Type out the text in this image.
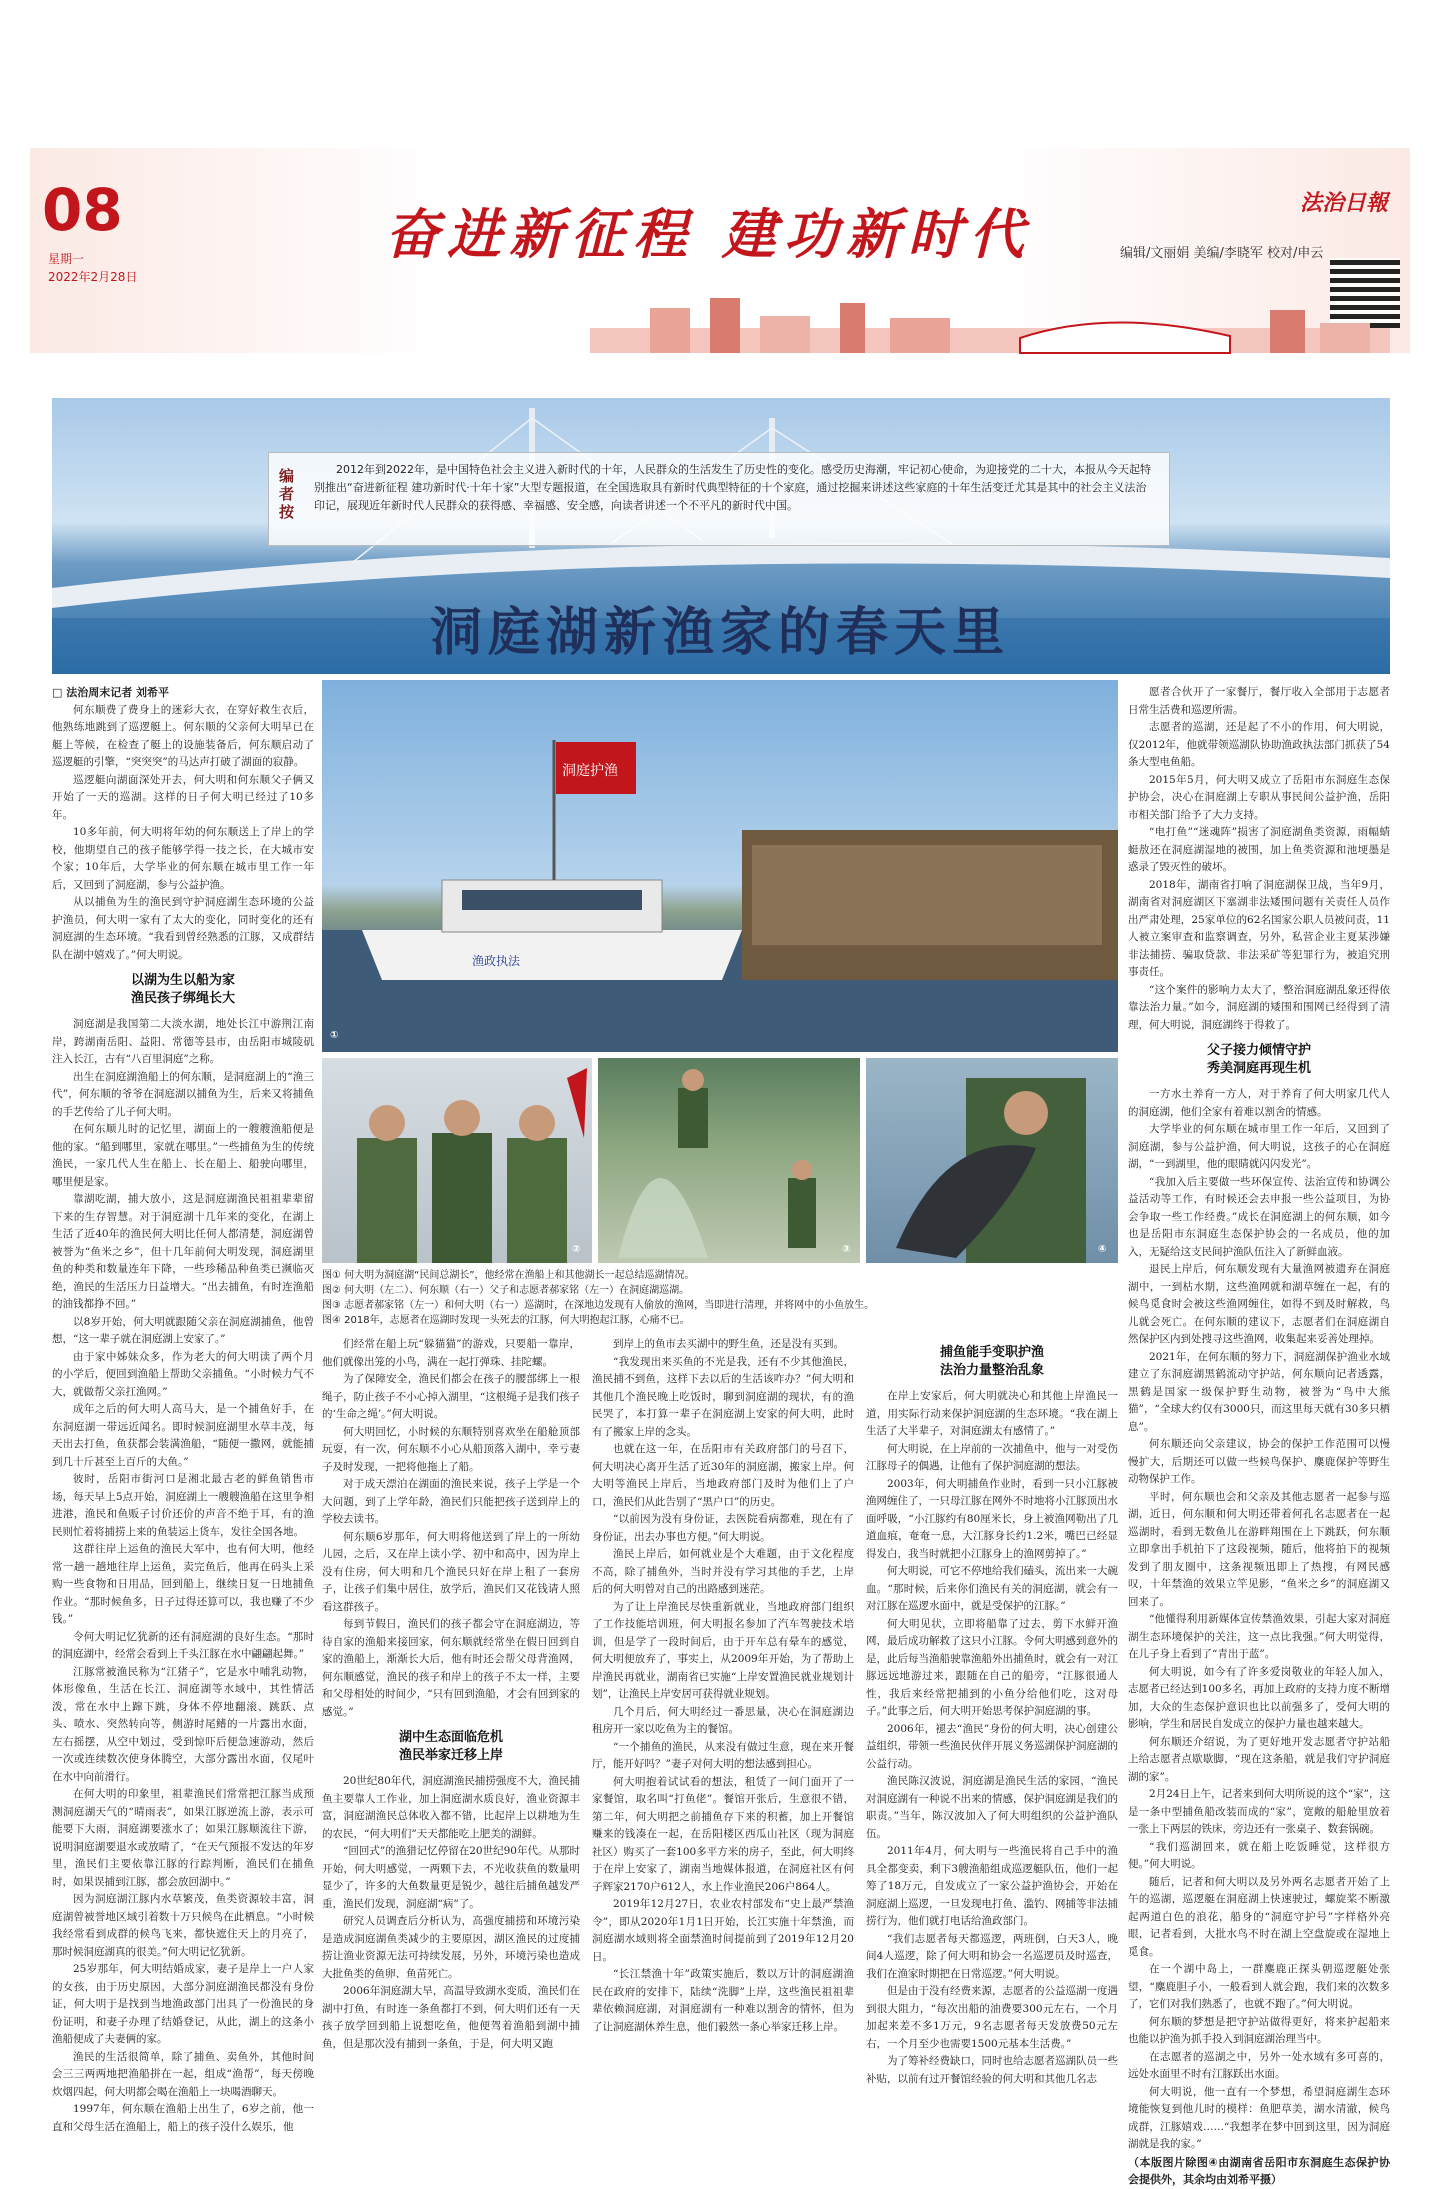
08
星期一
2022年2月28日
奋进新征程 建功新时代	法治日報
编辑/文丽娟 美编/李晓军 校对/申云
编者按
2012年到2022年，是中国特色社会主义进入新时代的十年，人民群众的生活发生了历史性的变化。感受历史海潮，牢记初心使命，为迎接党的二十大，本报从今天起特别推出“奋进新征程 建功新时代·十年十家”大型专题报道，在全国选取具有新时代典型特征的十个家庭，通过挖掘来讲述这些家庭的十年生活变迁尤其是其中的社会主义法治印记，展现近年新时代人民群众的获得感、幸福感、安全感，向读者讲述一个不平凡的新时代中国。
洞庭湖新渔家的春天里

□ 法治周末记者 刘希平

何东顺费了费身上的迷彩大衣，在穿好救生衣后，他熟练地跳到了巡逻艇上。何东顺的父亲何大明早已在艇上等候，在检查了艇上的设施装备后，何东顺启动了巡逻艇的引擎，“突突突”的马达声打破了湖面的寂静。

巡逻艇向湖面深处开去，何大明和何东顺父子俩又开始了一天的巡湖。这样的日子何大明已经过了10多年。

10多年前，何大明将年幼的何东顺送上了岸上的学校，他期望自己的孩子能够学得一技之长，在大城市安个家；10年后，大学毕业的何东顺在城市里工作一年后，又回到了洞庭湖，参与公益护渔。

从以捕鱼为生的渔民到守护洞庭湖生态环境的公益护渔员，何大明一家有了太大的变化，同时变化的还有洞庭湖的生态环境。“我看到曾经熟悉的江豚，又成群结队在湖中嬉戏了。”何大明说。

以湖为生以船为家
渔民孩子绑绳长大

洞庭湖是我国第二大淡水湖，地处长江中游荆江南岸，跨湖南岳阳、益阳、常德等县市，由岳阳市城陵矶注入长江，古有“八百里洞庭”之称。

出生在洞庭湖渔船上的何东顺，是洞庭湖上的“渔三代”，何东顺的爷爷在洞庭湖以捕鱼为生，后来又将捕鱼的手艺传给了儿子何大明。

在何东顺儿时的记忆里，湖面上的一艘艘渔船便是他的家。“船到哪里，家就在哪里。”一些捕鱼为生的传统渔民，一家几代人生在船上、长在船上、船驶向哪里，哪里便是家。

靠湖吃湖，捕大放小，这是洞庭湖渔民祖祖辈辈留下来的生存智慧。对于洞庭湖十几年来的变化，在湖上生活了近40年的渔民何大明比任何人都清楚，洞庭湖曾被誉为“鱼米之乡”，但十几年前何大明发现，洞庭湖里鱼的种类和数量连年下降，一些珍稀品种鱼类已濒临灭绝，渔民的生活压力日益增大。“出去捕鱼，有时连渔船的油钱都挣不回。”

以8岁开始，何大明就跟随父亲在洞庭湖捕鱼，他曾想，“这一辈子就在洞庭湖上安家了。”

由于家中姊妹众多，作为老大的何大明读了两个月的小学后，便回到渔船上帮助父亲捕鱼。“小时候力气不大，就做帮父亲扛渔网。”

成年之后的何大明人高马大，是一个捕鱼好手，在东洞庭湖一带远近闻名。即时候洞庭湖里水草丰茂，每天出去打鱼，鱼获都会装满渔船，“随便一撒网，就能捕到几十斤甚至上百斤的大鱼。”

彼时，岳阳市街河口是湘北最古老的鲜鱼销售市场，每天早上5点开始，洞庭湖上一艘艘渔船在这里争相进港，渔民和鱼贩子讨价还价的声音不绝于耳，有的渔民则忙着将捕捞上来的鱼装运上货车，发往全国各地。

这群往岸上运鱼的渔民大军中，也有何大明，他经常一趟一趟地往岸上运鱼，卖完鱼后，他再在码头上采购一些食物和日用品，回到船上，继续日复一日地捕鱼作业。“那时候鱼多，日子过得还算可以，我也赚了不少钱。”

令何大明记忆犹新的还有洞庭湖的良好生态。“那时的洞庭湖中，经常会看到上千头江豚在水中翩翩起舞。”

江豚常被渔民称为“江猪子”，它是水中哺乳动物，体形像鱼，生活在长江、洞庭湖等水域中，其性情活泼，常在水中上蹿下跳，身体不停地翻滚、跳跃、点头、喷水、突然转向等，侧游时尾鳍的一片露出水面，左右摇摆，从空中划过，受到惊吓后便急速游动，然后一次或连续数次使身体腾空，大部分露出水面，仅尾叶在水中向前滑行。

在何大明的印象里，祖辈渔民们常常把江豚当成预测洞庭湖天气的“晴雨表”，如果江豚逆流上游，表示可能要下大雨，洞庭湖要涨水了；如果江豚顺流往下游，说明洞庭湖要退水或放晴了，“在天气预报不发达的年岁里，渔民们主要依靠江豚的行踪判断，渔民们在捕鱼时，如果误捕到江豚，都会放回湖中。”

因为洞庭湖江豚内水草繁茂，鱼类资源较丰富，洞庭湖曾被誉地区域引着数十万只候鸟在此栖息。“小时候我经常看到成群的候鸟飞来，都快遮住天上的月亮了，那时候洞庭湖真的很美。”何大明记忆犹新。

25岁那年，何大明结婚成家，妻子是岸上一户人家的女孩，由于历史原因，大部分洞庭湖渔民都没有身份证，何大明于是找到当地渔政部门出具了一份渔民的身份证明，和妻子办理了结婚登记，从此，湖上的这条小渔船便成了夫妻俩的家。

渔民的生活很简单，除了捕鱼、卖鱼外，其他时间会三三两两地把渔船拼在一起，组成“渔帮”，每天傍晚炊烟四起，何大明都会喝在渔船上一块喝酒聊天。

1997年，何东顺在渔船上出生了，6岁之前，他一直和父母生活在渔船上，船上的孩子没什么娱乐，他

洞庭护渔
渔政执法
①
②	③	④
图① 何大明为洞庭湖“民间总湖长”，他经常在渔船上和其他湖长一起总结巡湖情况。
图② 何大明（左二）、何东顺（右一）父子和志愿者郝家铭（左一）在洞庭湖巡湖。
图③ 志愿者郝家铭（左一）和何大明（右一）巡湖时，在深地边发现有人偷放的渔网，当即进行清理，并将网中的小鱼放生。
图④ 2018年，志愿者在巡湖时发现一头死去的江豚，何大明抱起江豚，心痛不已。

们经常在船上玩“躲猫猫”的游戏，只要船一靠岸，他们就像出笼的小鸟，满在一起打弹珠、挂陀螺。

为了保障安全，渔民们都会在孩子的腰部绑上一根绳子，防止孩子不小心掉入湖里，“这根绳子是我们孩子的‘生命之绳’。”何大明说。

何大明回忆，小时候的东顺特别喜欢坐在船舱顶部玩耍，有一次，何东顺不小心从船顶落入湖中，幸亏妻子及时发现，一把将他拖上了船。

对于成天漂泊在湖面的渔民来说，孩子上学是一个大问题，到了上学年龄，渔民们只能把孩子送到岸上的学校去读书。

何东顺6岁那年，何大明将他送到了岸上的一所幼儿园，之后，又在岸上读小学、初中和高中，因为岸上没有住房，何大明和几个渔民只好在岸上租了一套房子，让孩子们集中居住，放学后，渔民们又花钱请人照看这群孩子。

每到节假日，渔民们的孩子都会守在洞庭湖边，等待自家的渔船来接回家，何东顺就经常坐在假日回到自家的渔船上，渐渐长大后，他有时还会帮父母背渔网，何东顺感觉，渔民的孩子和岸上的孩子不太一样，主要和父母相处的时间少，“只有回到渔船，才会有回到家的感觉。”

湖中生态面临危机
渔民举家迁移上岸

20世纪80年代，洞庭湖渔民捕捞强度不大，渔民捕鱼主要靠人工作业，加上洞庭湖水质良好，渔业资源丰富，洞庭湖渔民总体收入都不错，比起岸上以耕地为生的农民，“何大明们”天天都能吃上肥美的湖鲜。

“回回式”的渔猎记忆停留在20世纪90年代。从那时开始，何大明感觉，一两颗下去，不光收获鱼的数量明显少了，许多的大鱼数量更是锐少，越往后捕鱼越发严重，渔民们发现，洞庭湖“病”了。

研究人员调查后分析认为，高强度捕捞和环境污染是造成洞庭湖鱼类减少的主要原因，湖区渔民的过度捕捞让渔业资源无法可持续发展，另外，环境污染也造成大批鱼类的鱼卵、鱼苗死亡。

2006年洞庭湖大旱，高温导致湖水变质，渔民们在湖中打鱼，有时连一条鱼都打不到，何大明们还有一天孩子放学回到船上说想吃鱼，他便驾着渔船到湖中捕鱼，但是那次没有捕到一条鱼，于是，何大明又跑

到岸上的鱼市去买湖中的野生鱼，还是没有买到。

“我发现出来买鱼的不光是我，还有不少其他渔民，渔民捕不到鱼，这样下去以后的生活该咋办？”何大明和其他几个渔民晚上吃饭时，聊到洞庭湖的现状，有的渔民哭了，本打算一辈子在洞庭湖上安家的何大明，此时有了搬家上岸的念头。

也就在这一年，在岳阳市有关政府部门的号召下，何大明决心离开生活了近30年的洞庭湖，搬家上岸。何大明等渔民上岸后，当地政府部门及时为他们上了户口，渔民们从此告别了“黑户口”的历史。

“以前因为没有身份证，去医院看病都难，现在有了身份证，出去办事也方便。”何大明说。

渔民上岸后，如何就业是个大难题，由于文化程度不高，除了捕鱼外，当时并没有学习其他的手艺，上岸后的何大明曾对自己的出路感到迷茫。

为了让上岸渔民尽快重新就业，当地政府部门组织了工作技能培训班，何大明报名参加了汽车驾驶技术培训，但是学了一段时间后，由于开车总有晕车的感觉，何大明便放弃了，事实上，从2009年开始，为了帮助上岸渔民再就业，湖南省已实施“上岸安置渔民就业规划计划”，让渔民上岸安居可获得就业规划。

几个月后，何大明经过一番思量，决心在洞庭湖边租房开一家以吃鱼为主的餐馆。

“一个捕鱼的渔民，从来没有做过生意，现在来开餐厅，能开好吗？”妻子对何大明的想法感到担心。

何大明抱着试试看的想法，租赁了一间门面开了一家餐馆，取名叫“打鱼佬”。餐馆开张后，生意很不错，第二年，何大明把之前捕鱼存下来的积蓄，加上开餐馆赚来的钱凑在一起，在岳阳楼区西瓜山社区（现为洞庭社区）购买了一套100多平方米的房子，至此，何大明终于在岸上安家了，湖南当地媒体报道，在洞庭社区有何子辉家2170户612人，水上作业渔民206户864人。

2019年12月27日，农业农村部发布“史上最严禁渔令”，即从2020年1月1日开始，长江实施十年禁渔，而洞庭湖水域则将全面禁渔时间提前到了2019年12月20日。

“长江禁渔十年”政策实施后，数以万计的洞庭湖渔民在政府的安排下，陆续“洗脚”上岸，这些渔民祖祖辈辈依赖洞庭湖，对洞庭湖有一种难以割舍的情怀，但为了让洞庭湖休养生息，他们毅然一条心举家迁移上岸。

捕鱼能手变职护渔
法治力量整治乱象

在岸上安家后，何大明就决心和其他上岸渔民一道，用实际行动来保护洞庭湖的生态环境。“我在湖上生活了大半辈子，对洞庭湖太有感情了。”

何大明说，在上岸前的一次捕鱼中，他与一对受伤江豚母子的偶遇，让他有了保护洞庭湖的想法。

2003年，何大明捕鱼作业时，看到一只小江豚被渔网缠住了，一只母江豚在网外不时地将小江豚顶出水面呼吸，“小江豚约有80厘米长，身上被渔网勒出了几道血痕，奄奄一息，大江豚身长约1.2米，嘴巴已经显得发白，我当时就把小江豚身上的渔网剪掉了。”

何大明说，可它不停地给我们磕头，流出来一大碗血。“那时候，后来你们渔民有关的洞庭湖，就会有一对江豚在巡逻水面中，就是受保护的江豚。”

何大明见状，立即将船靠了过去，剪下水鲜开渔网，最后成功解救了这只小江豚。令何大明感到意外的是，此后每当渔船驶靠渔船外出捕鱼时，就会有一对江豚远远地游过来，跟随在自己的船旁，“江豚很通人性，我后来经常把捕到的小鱼分给他们吃，这对母子。”此事之后，何大明开始思考保护洞庭湖的事。

2006年，褪去“渔民”身份的何大明，决心创建公益组织，带领一些渔民伙伴开展义务巡湖保护洞庭湖的公益行动。

渔民陈汉波说，洞庭湖是渔民生活的家园，“渔民对洞庭湖有一种说不出来的情感，保护洞庭湖是我们的职责。”当年，陈汉波加入了何大明组织的公益护渔队伍。

2011年4月，何大明与一些渔民将自己手中的渔具全都变卖，剩下3艘渔船组成巡逻艇队伍，他们一起筹了18万元，自发成立了一家公益护渔协会，开始在洞庭湖上巡逻，一旦发现电打鱼、滥钓、网捕等非法捕捞行为，他们就打电话给渔政部门。

“我们志愿者每天都巡逻，两班倒，白天3人，晚间4人巡逻，除了何大明和协会一名巡逻员及时巡查，我们在渔家时期把在日常巡逻。”何大明说。

但是由于没有经费来源，志愿者的公益巡湖一度遇到很大阻力，“每次出船的油费要300元左右，一个月加起来差不多1万元，9名志愿者每天发放费50元左右，一个月至少也需要1500元基本生活费。”

为了筹补经费缺口，同时也给志愿者巡湖队员一些补贴，以前有过开餐馆经验的何大明和其他几名志

愿者合伙开了一家餐厅，餐厅收入全部用于志愿者日常生活费和巡逻所需。

志愿者的巡湖，还是起了不小的作用，何大明说，仅2012年，他就带领巡湖队协助渔政执法部门抓获了54条大型电鱼船。

2015年5月，何大明又成立了岳阳市东洞庭生态保护协会，决心在洞庭湖上专职从事民间公益护渔，岳阳市相关部门给予了大力支持。

“电打鱼”“迷魂阵”损害了洞庭湖鱼类资源，雨幅蜻蜓敖还在洞庭湖湿地的被围，加上鱼类资源和池埂墨是惑录了毁灭性的破坏。

2018年，湖南省打响了洞庭湖保卫战，当年9月，湖南省对洞庭湖区下塞湖非法矮围问题有关责任人员作出严肃处理，25家单位的62名国家公职人员被问责，11人被立案审查和监察调查，另外，私营企业主夏某涉嫌非法捕捞、骗取贷款、非法采矿等犯罪行为，被追究刑事责任。

“这个案件的影响力太大了，整治洞庭湖乱象还得依靠法治力量。”如今，洞庭湖的矮围和围网已经得到了清理，何大明说，洞庭湖终于得救了。

父子接力倾情守护
秀美洞庭再现生机

一方水土养育一方人，对于养育了何大明家几代人的洞庭湖，他们全家有着难以割舍的情感。

大学毕业的何东顺在城市里工作一年后，又回到了洞庭湖，参与公益护渔，何大明说，这孩子的心在洞庭湖，“一到湖里，他的眼睛就闪闪发光”。

“我加入后主要做一些环保宣传、法治宣传和协调公益活动等工作，有时候还会去申报一些公益项目，为协会争取一些工作经费。”成长在洞庭湖上的何东顺，如今也是岳阳市东洞庭生态保护协会的一名成员，他的加入，无疑给这支民间护渔队伍注入了新鲜血液。

退民上岸后，何东顺发现有大量渔网被遗弃在洞庭湖中，一到枯水期，这些渔网就和湖草缠在一起，有的候鸟觅食时会被这些渔网缠住，如得不到及时解救，鸟儿就会死亡。在何东顺的建议下，志愿者们在洞庭湖自然保护区内到处搜寻这些渔网，收集起来妥善处理掉。

2021年，在何东顺的努力下，洞庭湖保护渔业水域建立了东洞庭湖黑鹤流动守护站，何东顺向记者透露，黑鹤是国家一级保护野生动物，被誉为“鸟中大熊猫”，“全球大约仅有3000只，而这里每天就有30多只栖息”。

何东顺还向父亲建议，协会的保护工作范围可以慢慢扩大，后期还可以做一些候鸟保护、麋鹿保护等野生动物保护工作。

平时，何东顺也会和父亲及其他志愿者一起参与巡湖，近日，何东顺和何大明还带着何孔名志愿者在一起巡湖时，看到无数鱼儿在游畔翔围在上下跳跃，何东顺立即拿出手机拍下了这段视频，随后，他将拍下的视频发到了朋友圈中，这条视频迅即上了热搜，有网民感叹，十年禁渔的效果立竿见影，“鱼米之乡”的洞庭湖又回来了。

“他懂得利用新媒体宣传禁渔效果，引起大家对洞庭湖生态环境保护的关注，这一点比我强。”何大明觉得，在儿子身上看到了“青出于蓝”。

何大明说，如今有了许多爱岗敬业的年轻人加入，志愿者已经达到100多名，再加上政府的支持力度不断增加，大众的生态保护意识也比以前强多了，受何大明的影响，学生和居民自发成立的保护力量也越来越大。

何东顺还介绍说，为了更好地开发志愿者守护站船上给志愿者点歇歇脚，“现在这条船，就是我们守护洞庭湖的家”。

2月24日上午，记者来到何大明所说的这个“家”，这是一条中型捕鱼船改装而成的“家”，宽敞的船舱里放着一张上下两层的铁床，旁边还有一张桌子、数套锅碗。

“我们巡湖回来，就在船上吃饭睡觉，这样很方便。”何大明说。

随后，记者和何大明以及另外两名志愿者开始了上午的巡湖，巡逻艇在洞庭湖上快速驶过，螺旋桨不断激起两道白色的浪花，船身的“洞庭守护号”字样格外亮眼，记者看到，大批水鸟不时在湖上空盘旋或在湿地上觅食。

在一个湖中岛上，一群麋鹿正探头朝巡逻艇处张望，“麋鹿胆子小，一般看到人就会跑，我们来的次数多了，它们对我们熟悉了，也就不跑了。”何大明说。

何东顺的梦想是把守护站做得更好，将来护起船来也能以护渔为抓手投入到洞庭湖治理当中。

在志愿者的巡湖之中，另外一处水域有多可喜的，远处水面里不时有江豚跃出水面。

何大明说，他一直有一个梦想，希望洞庭湖生态环境能恢复到他儿时的模样：鱼肥草美，湖水清澈，候鸟成群，江豚嬉戏……“我想孝在梦中回到这里，因为洞庭湖就是我的家。”

（本版图片除图④由湖南省岳阳市东洞庭生态保护协会提供外，其余均由刘希平摄）
